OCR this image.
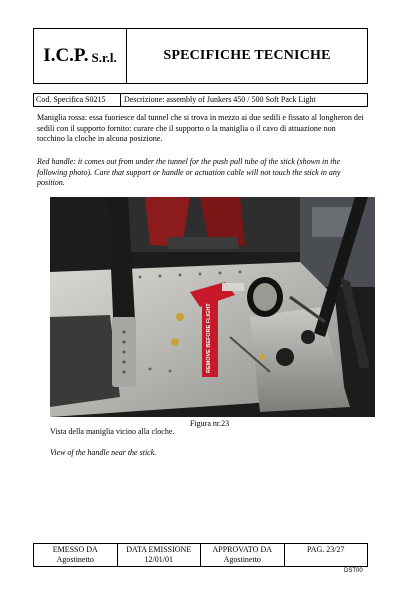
I.C.P. S.r.l.	SPECIFICHE TECNICHE
Cod. Specifica S0215	Descrizione: assembly of Junkers 450 / 500 Soft Pack Light
Maniglia rossa: essa fuoriesce dal tunnel che si trova in mezzo ai due sedili e fissato al longheron dei sedili con il supporto fornito: curare che il supporto o la maniglia o il cavo di attuazione non tocchino la cloche in alcuna posizione.
Red handle: it comes out from under the tunnel for the push pull tube of the stick (shown in the following photo). Care that support or handle or actuation cable will not touch the stick in any position.
REMOVE BEFORE FLIGHT
Figura nr.23
Vista della maniglia vicino alla cloche.
View of the handle near the stick.
EMESSO DA
Agostinetto
DATA EMISSIONE
12/01/01
APPROVATO DA
Agostinetto
PAG. 23/27
DST00
